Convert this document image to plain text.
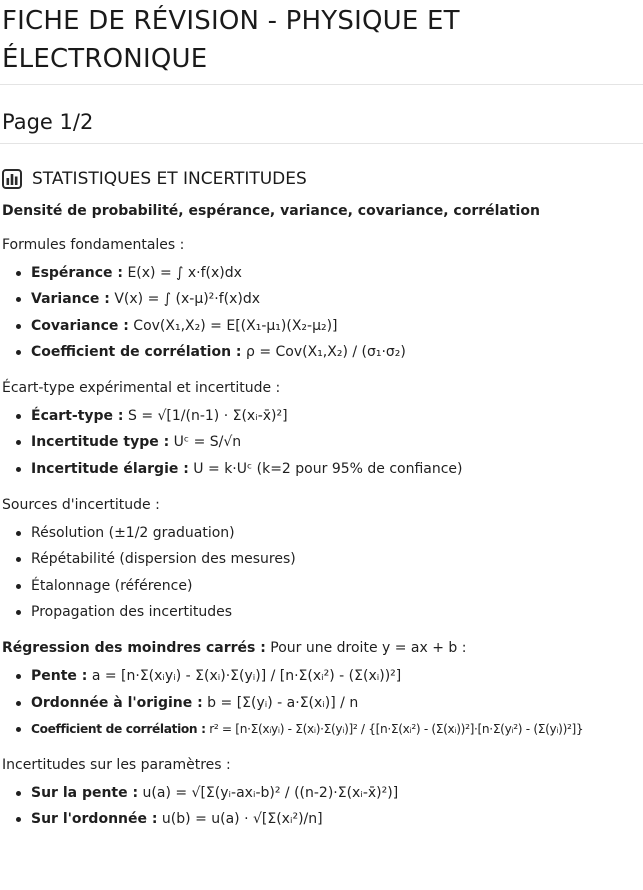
FICHE DE RÉVISION - PHYSIQUE ET
ÉLECTRONIQUE
Page 1/2
STATISTIQUES ET INCERTITUDES

Densité de probabilité, espérance, variance, covariance, corrélation

Formules fondamentales :

Espérance : E(x) = ∫ x·f(x)dx
Variance : V(x) = ∫ (x-μ)²·f(x)dx
Covariance : Cov(X₁,X₂) = E[(X₁-μ₁)(X₂-μ₂)]
Coefficient de corrélation : ρ = Cov(X₁,X₂) / (σ₁·σ₂)

Écart-type expérimental et incertitude :

Écart-type : S = √[1/(n-1) · Σ(xᵢ-x̄)²]
Incertitude type : Uᶜ = S/√n
Incertitude élargie : U = k·Uᶜ (k=2 pour 95% de confiance)

Sources d'incertitude :

Résolution (±1/2 graduation)
Répétabilité (dispersion des mesures)
Étalonnage (référence)
Propagation des incertitudes

Régression des moindres carrés : Pour une droite y = ax + b :

Pente : a = [n·Σ(xᵢyᵢ) - Σ(xᵢ)·Σ(yᵢ)] / [n·Σ(xᵢ²) - (Σ(xᵢ))²]
Ordonnée à l'origine : b = [Σ(yᵢ) - a·Σ(xᵢ)] / n
Coefficient de corrélation : r² = [n·Σ(xᵢyᵢ) - Σ(xᵢ)·Σ(yᵢ)]² / {[n·Σ(xᵢ²) - (Σ(xᵢ))²]·[n·Σ(yᵢ²) - (Σ(yᵢ))²]}

Incertitudes sur les paramètres :

Sur la pente : u(a) = √[Σ(yᵢ-axᵢ-b)² / ((n-2)·Σ(xᵢ-x̄)²)]
Sur l'ordonnée : u(b) = u(a) · √[Σ(xᵢ²)/n]
